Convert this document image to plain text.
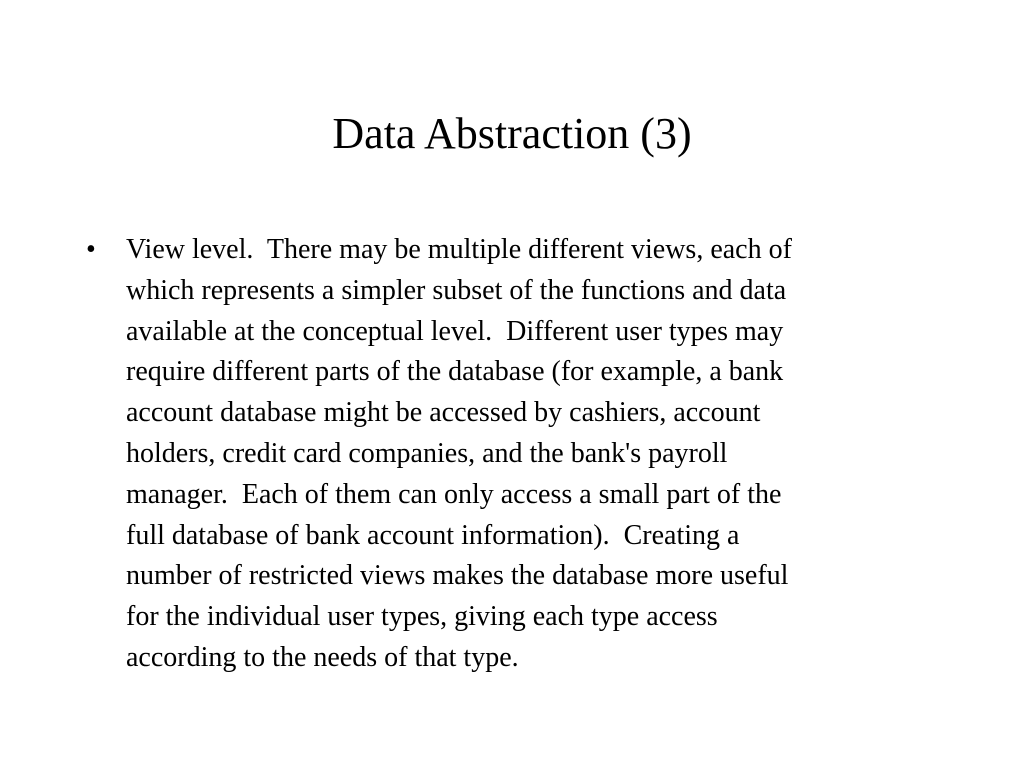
Data Abstraction (3)
•	View level.  There may be multiple different views, each of
which represents a simpler subset of the functions and data
available at the conceptual level.  Different user types may
require different parts of the database (for example, a bank
account database might be accessed by cashiers, account
holders, credit card companies, and the bank's payroll
manager.  Each of them can only access a small part of the
full database of bank account information).  Creating a
number of restricted views makes the database more useful
for the individual user types, giving each type access
according to the needs of that type.
